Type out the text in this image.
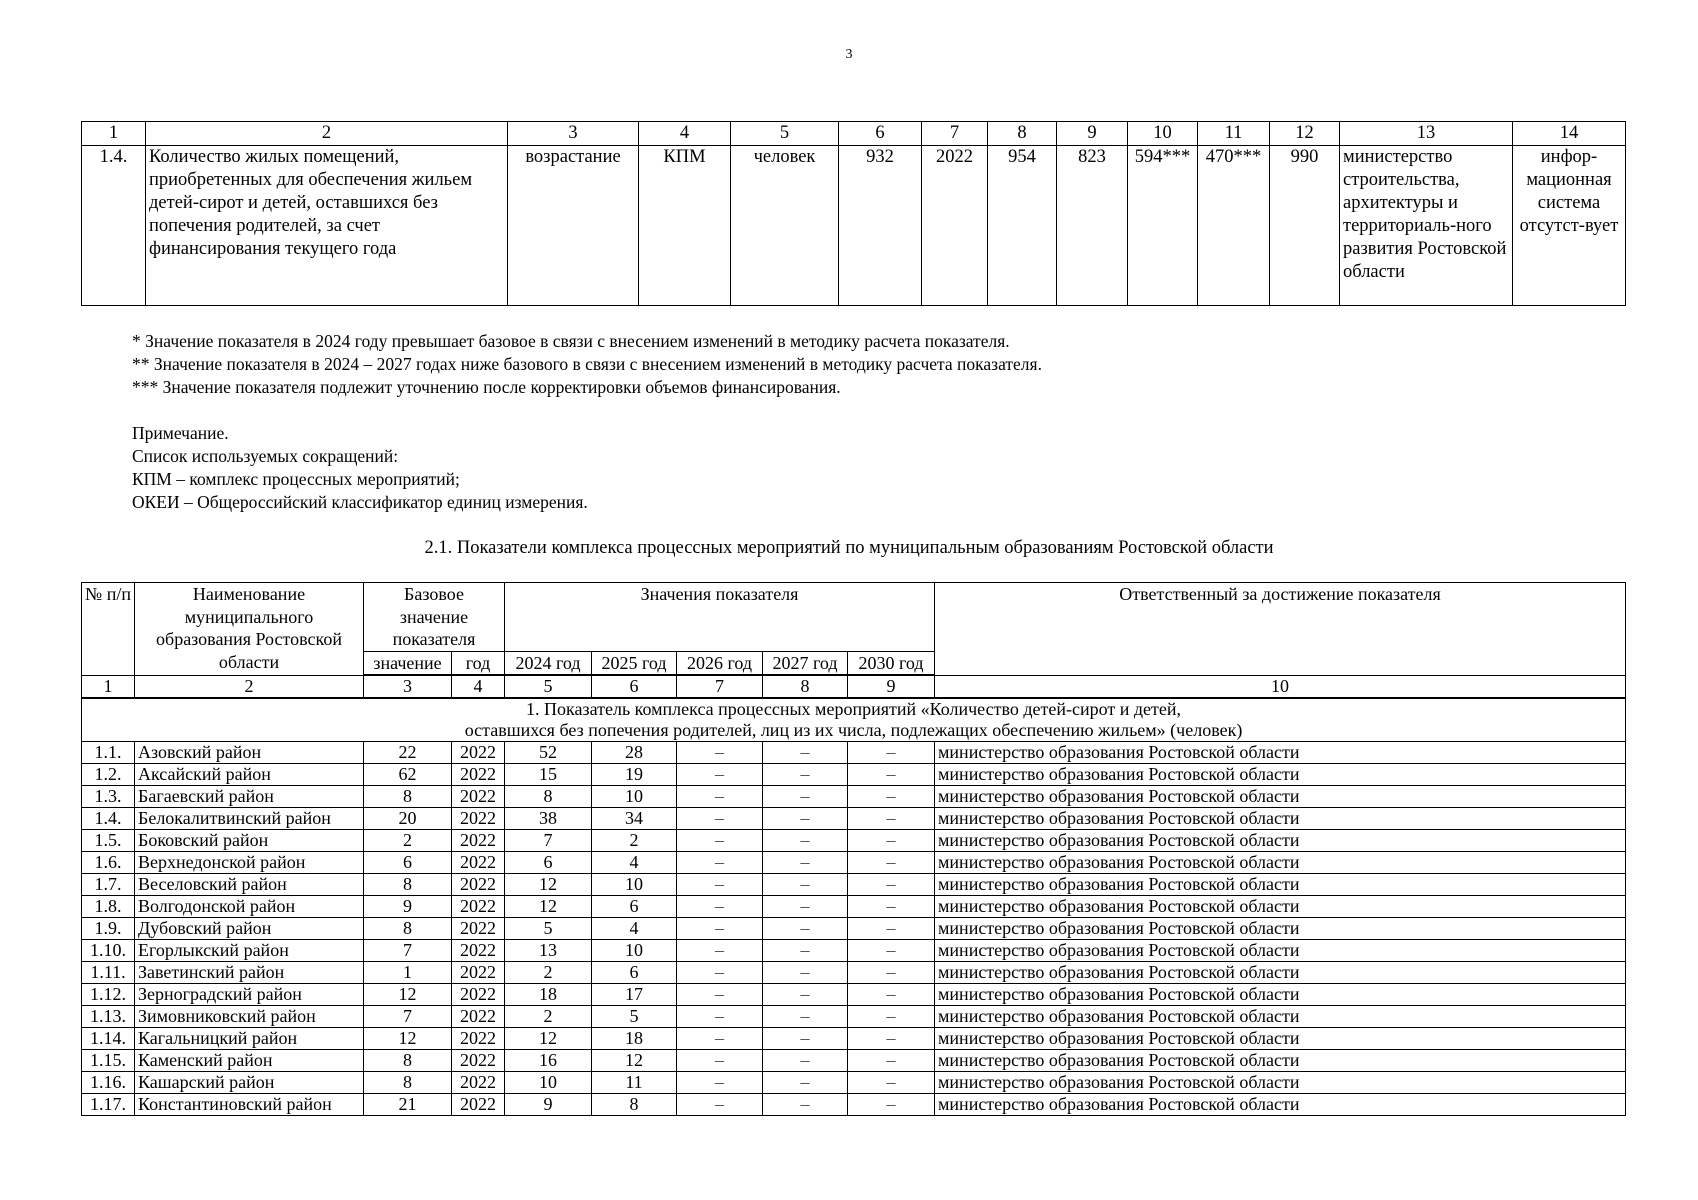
3
1	2	3	4	5	6	7	8	9	10	11	12	13	14
1.4.	Количество жилых помещений, приобретенных для обеспечения жильем детей-сирот и детей, оставшихся без попечения родителей, за счет финансирования текущего года	возрастание	КПМ	человек	932	2022	954	823	594***	470***	990	министерство строительства, архитектуры и территориаль-ного развития Ростовской области	инфор-мационная система отсутст-вует
* Значение показателя в 2024 году превышает базовое в связи с внесением изменений в методику расчета показателя.
** Значение показателя в 2024 – 2027 годах ниже базового в связи с внесением изменений в методику расчета показателя.
*** Значение показателя подлежит уточнению после корректировки объемов финансирования.
Примечание.
Список используемых сокращений:
КПМ – комплекс процессных мероприятий;
ОКЕИ – Общероссийский классификатор единиц измерения.
2.1. Показатели комплекса процессных мероприятий по муниципальным образованиям Ростовской области
№ п/п	Наименование муниципального образования Ростовской области	Базовое значение показателя		Значения показателя					Ответственный за достижение показателя
		значение	год	2024 год	2025 год	2026 год	2027 год	2030 год	
1	2	3	4	5	6	7	8	9	10

1. Показатель комплекса процессных мероприятий «Количество детей-сирот и детей,
оставшихся без попечения родителей, лиц из их числа, подлежащих обеспечению жильем» (человек)									

1.1.	Азовский район	22	2022	52	28	–	–	–	министерство образования Ростовской области
1.2.	Аксайский район	62	2022	15	19	–	–	–	министерство образования Ростовской области
1.3.	Багаевский район	8	2022	8	10	–	–	–	министерство образования Ростовской области
1.4.	Белокалитвинский район	20	2022	38	34	–	–	–	министерство образования Ростовской области
1.5.	Боковский район	2	2022	7	2	–	–	–	министерство образования Ростовской области
1.6.	Верхнедонской район	6	2022	6	4	–	–	–	министерство образования Ростовской области
1.7.	Веселовский район	8	2022	12	10	–	–	–	министерство образования Ростовской области
1.8.	Волгодонской район	9	2022	12	6	–	–	–	министерство образования Ростовской области
1.9.	Дубовский район	8	2022	5	4	–	–	–	министерство образования Ростовской области
1.10.	Егорлыкский район	7	2022	13	10	–	–	–	министерство образования Ростовской области
1.11.	Заветинский район	1	2022	2	6	–	–	–	министерство образования Ростовской области
1.12.	Зерноградский район	12	2022	18	17	–	–	–	министерство образования Ростовской области
1.13.	Зимовниковский район	7	2022	2	5	–	–	–	министерство образования Ростовской области
1.14.	Кагальницкий район	12	2022	12	18	–	–	–	министерство образования Ростовской области
1.15.	Каменский район	8	2022	16	12	–	–	–	министерство образования Ростовской области
1.16.	Кашарский район	8	2022	10	11	–	–	–	министерство образования Ростовской области
1.17.	Константиновский район	21	2022	9	8	–	–	–	министерство образования Ростовской области
